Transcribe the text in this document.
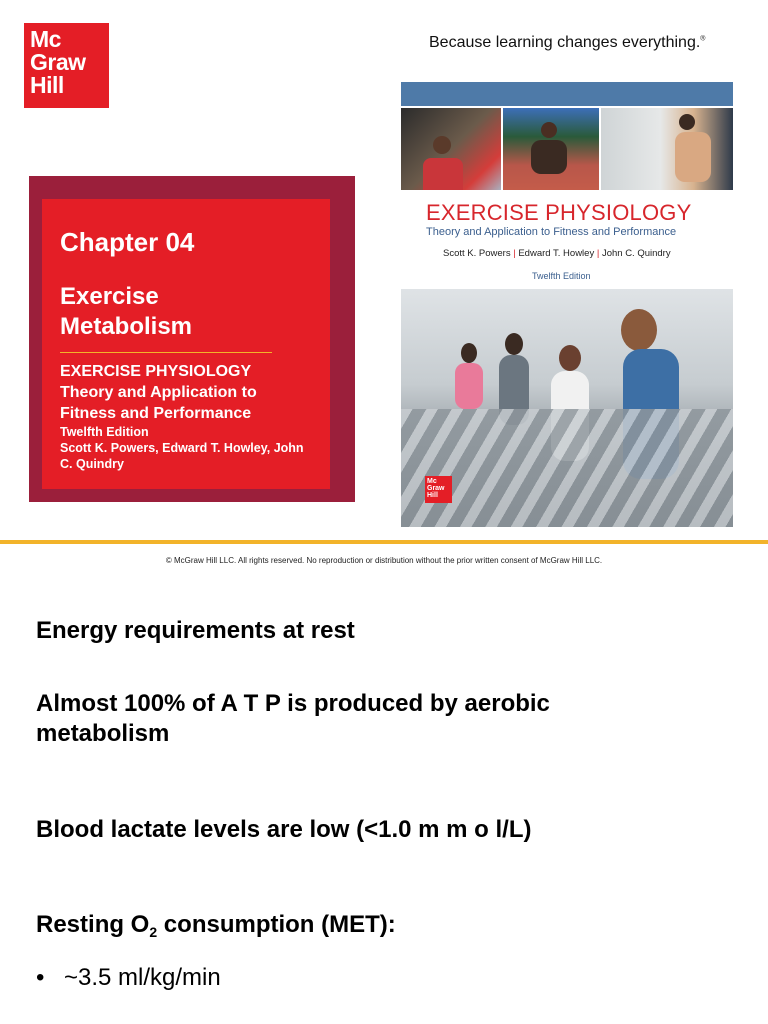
Mc
Graw
Hill
Because learning changes everything.®
Chapter 04
Exercise Metabolism
EXERCISE PHYSIOLOGY
Theory and Application to Fitness and Performance
Twelfth Edition
Scott K. Powers, Edward T. Howley, John C. Quindry
EXERCISE PHYSIOLOGY
Theory and Application to Fitness and Performance
Scott K. Powers | Edward T. Howley | John C. Quindry
Twelfth Edition
Mc
Graw
Hill
© McGraw Hill LLC. All rights reserved. No reproduction or distribution without the prior written consent of McGraw Hill LLC.
Energy requirements at rest
Almost 100% of A T P is produced by aerobic metabolism
Blood lactate levels are low (<1.0 m m o l/L)
Resting $O_2$ consumption (MET):
• ~3.5 ml/kg/min
